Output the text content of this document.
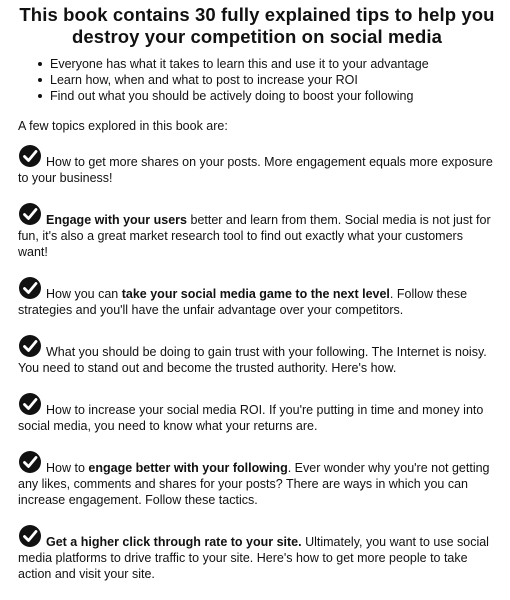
This book contains 30 fully explained tips to help you destroy your competition on social media
Everyone has what it takes to learn this and use it to your advantage
Learn how, when and what to post to increase your ROI
Find out what you should be actively doing to boost your following
A few topics explored in this book are:
How to get more shares on your posts. More engagement equals more exposure to your business!
Engage with your users better and learn from them. Social media is not just for fun, it's also a great market research tool to find out exactly what your customers want!
How you can take your social media game to the next level. Follow these strategies and you'll have the unfair advantage over your competitors.
What you should be doing to gain trust with your following. The Internet is noisy. You need to stand out and become the trusted authority. Here's how.
How to increase your social media ROI. If you're putting in time and money into social media, you need to know what your returns are.
How to engage better with your following. Ever wonder why you're not getting any likes, comments and shares for your posts? There are ways in which you can increase engagement. Follow these tactics.
Get a higher click through rate to your site. Ultimately, you want to use social media platforms to drive traffic to your site. Here's how to get more people to take action and visit your site.
